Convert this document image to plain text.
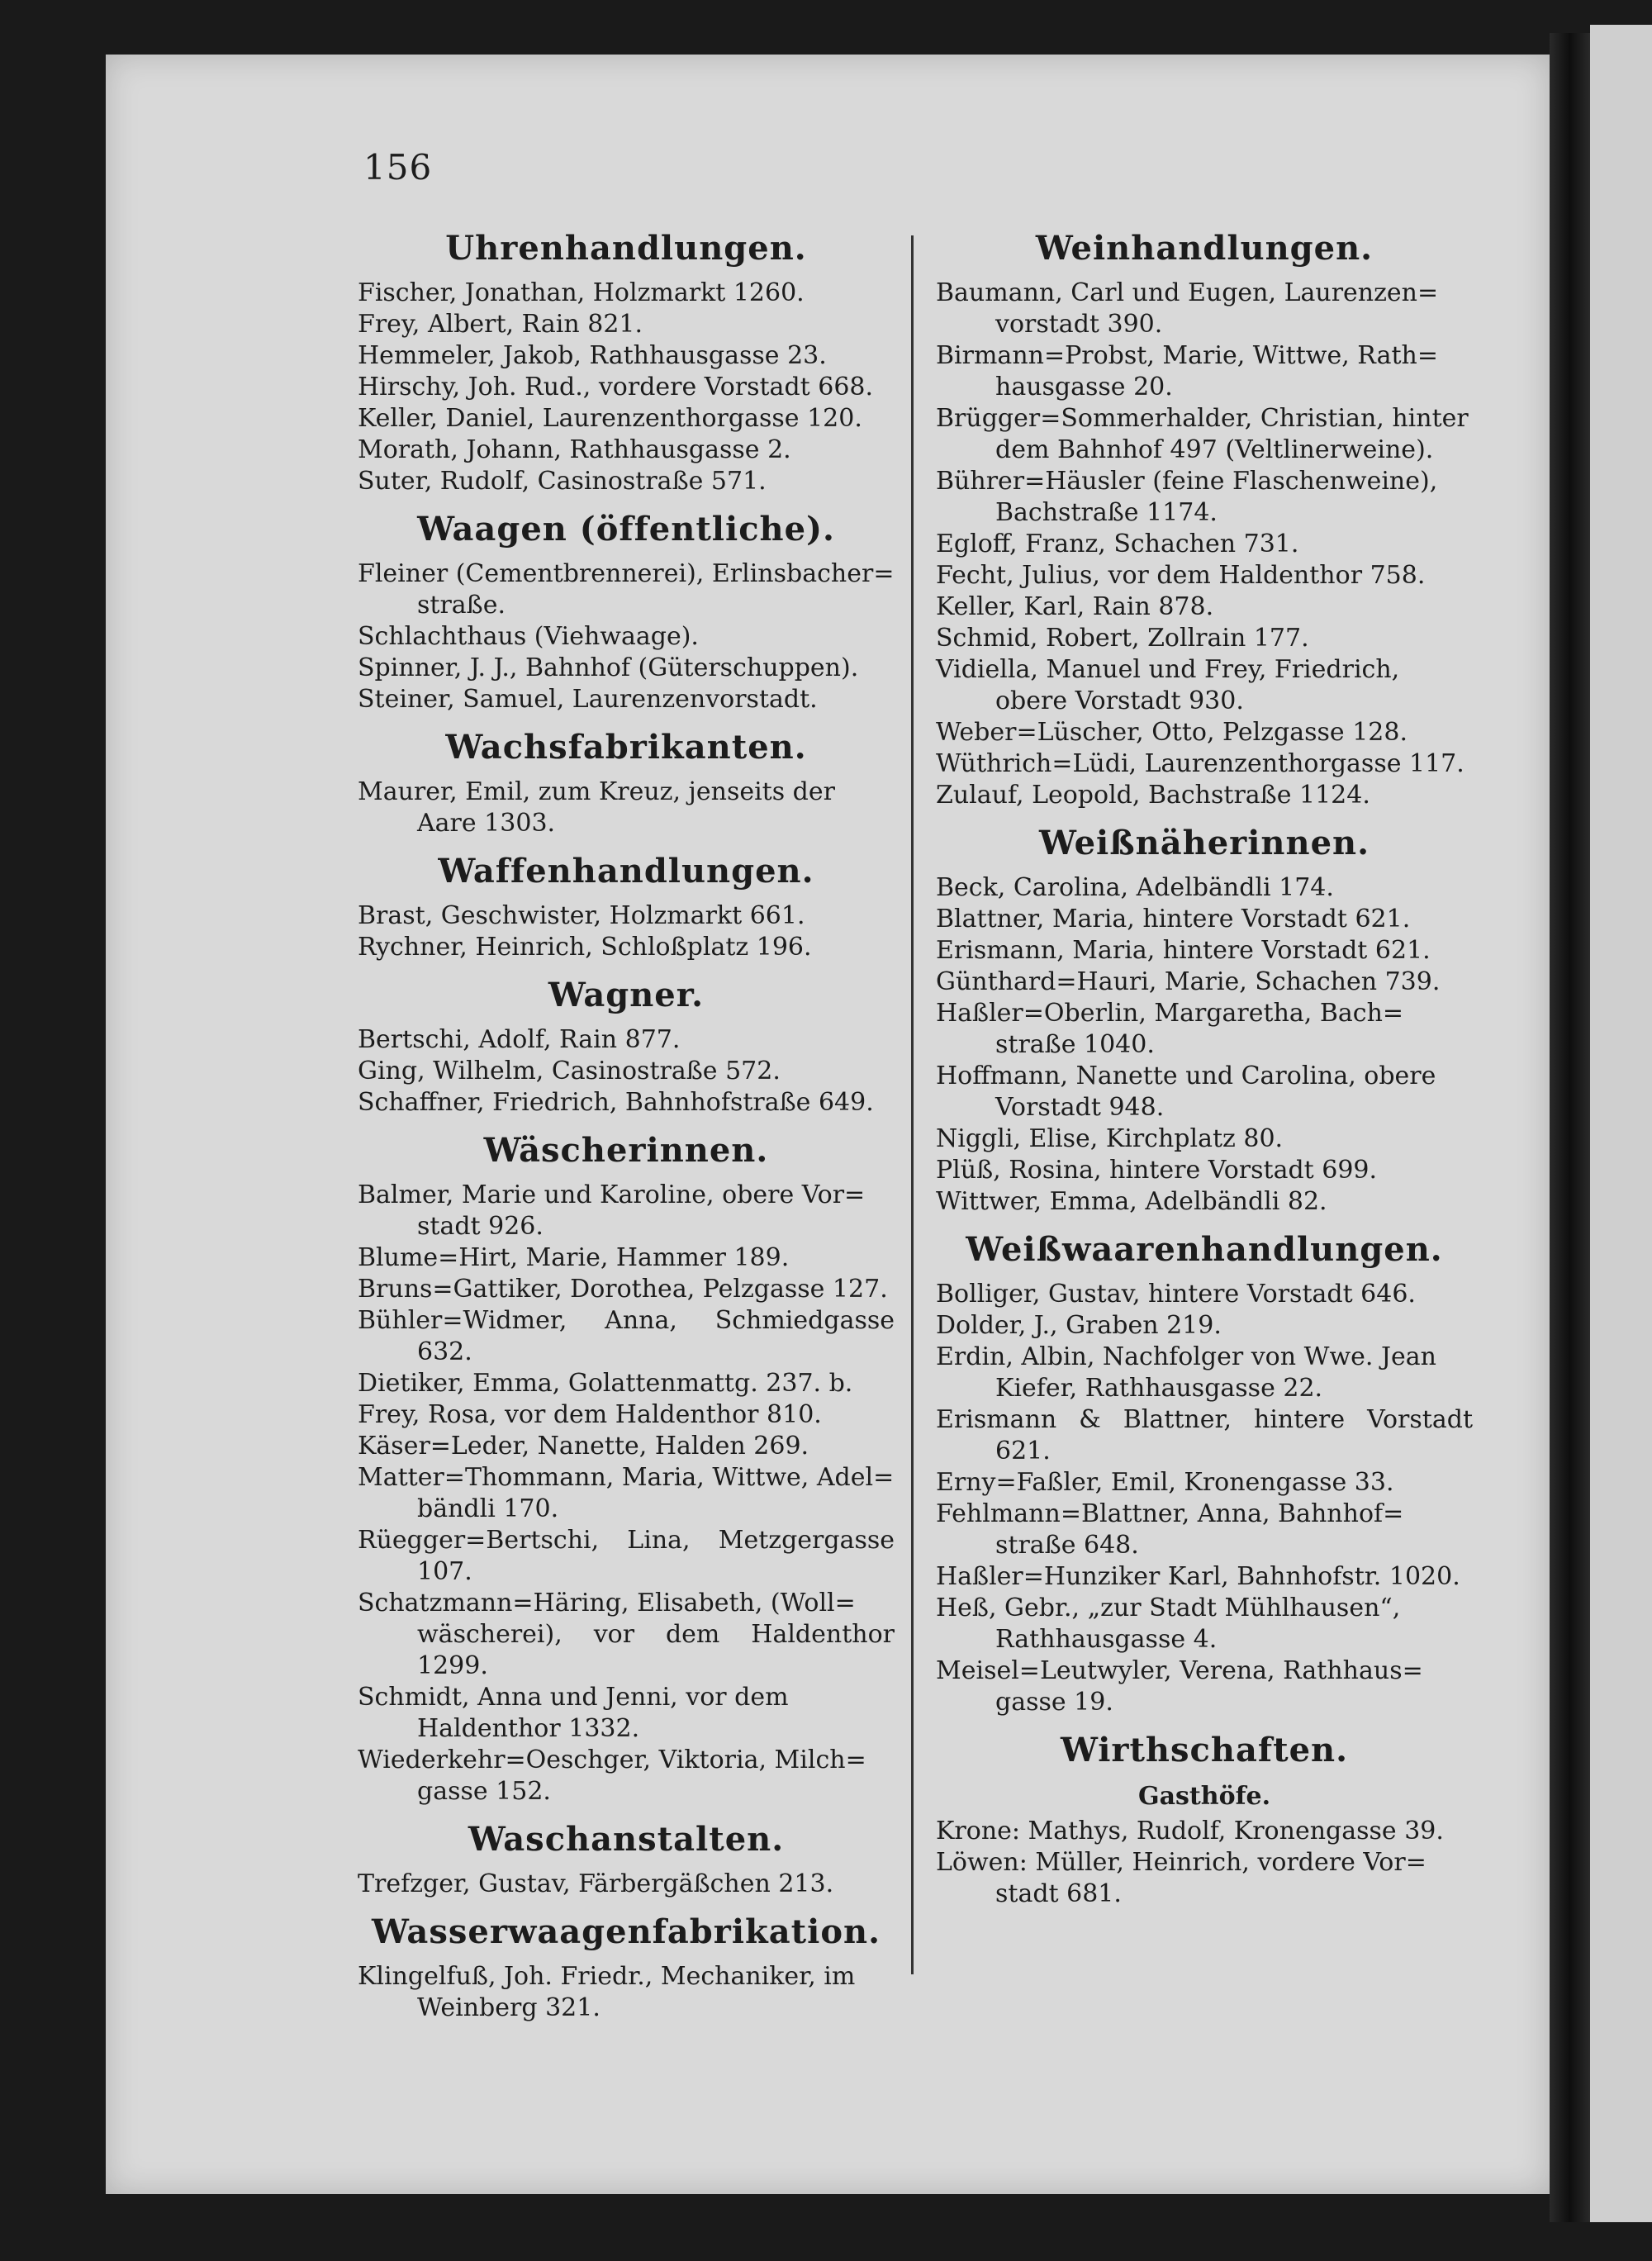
156
Uhrenhandlungen.
Fischer, Jonathan, Holzmarkt 1260.
Frey, Albert, Rain 821.
Hemmeler, Jakob, Rathhausgasse 23.
Hirschy, Joh. Rud., vordere Vorstadt 668.
Keller, Daniel, Laurenzenthorgasse 120.
Morath, Johann, Rathhausgasse 2.
Suter, Rudolf, Casinostraße 571.
Waagen (öffentliche).
Fleiner (Cementbrennerei), Erlinsbacher=
straße.
Schlachthaus (Viehwaage).
Spinner, J. J., Bahnhof (Güterschuppen).
Steiner, Samuel, Laurenzenvorstadt.
Wachsfabrikanten.
Maurer, Emil, zum Kreuz, jenseits der
Aare 1303.
Waffenhandlungen.
Brast, Geschwister, Holzmarkt 661.
Rychner, Heinrich, Schloßplatz 196.
Wagner.
Bertschi, Adolf, Rain 877.
Ging, Wilhelm, Casinostraße 572.
Schaffner, Friedrich, Bahnhofstraße 649.
Wäscherinnen.
Balmer, Marie und Karoline, obere Vor=
stadt 926.
Blume=Hirt, Marie, Hammer 189.
Bruns=Gattiker, Dorothea, Pelzgasse 127.
Bühler=Widmer, Anna, Schmiedgasse 632.
Dietiker, Emma, Golattenmattg. 237. b.
Frey, Rosa, vor dem Haldenthor 810.
Käser=Leder, Nanette, Halden 269.
Matter=Thommann, Maria, Wittwe, Adel=
bändli 170.
Rüegger=Bertschi, Lina, Metzgergasse 107.
Schatzmann=Häring, Elisabeth, (Woll=
wäscherei), vor dem Haldenthor 1299.
Schmidt, Anna und Jenni, vor dem
Haldenthor 1332.
Wiederkehr=Oeschger, Viktoria, Milch=
gasse 152.
Waschanstalten.
Trefzger, Gustav, Färbergäßchen 213.
Wasserwaagenfabrikation.
Klingelfuß, Joh. Friedr., Mechaniker, im
Weinberg 321.
Weinhandlungen.
Baumann, Carl und Eugen, Laurenzen=
vorstadt 390.
Birmann=Probst, Marie, Wittwe, Rath=
hausgasse 20.
Brügger=Sommerhalder, Christian, hinter
dem Bahnhof 497 (Veltlinerweine).
Bührer=Häusler (feine Flaschenweine),
Bachstraße 1174.
Egloff, Franz, Schachen 731.
Fecht, Julius, vor dem Haldenthor 758.
Keller, Karl, Rain 878.
Schmid, Robert, Zollrain 177.
Vidiella, Manuel und Frey, Friedrich,
obere Vorstadt 930.
Weber=Lüscher, Otto, Pelzgasse 128.
Wüthrich=Lüdi, Laurenzenthorgasse 117.
Zulauf, Leopold, Bachstraße 1124.
Weißnäherinnen.
Beck, Carolina, Adelbändli 174.
Blattner, Maria, hintere Vorstadt 621.
Erismann, Maria, hintere Vorstadt 621.
Günthard=Hauri, Marie, Schachen 739.
Haßler=Oberlin, Margaretha, Bach=
straße 1040.
Hoffmann, Nanette und Carolina, obere
Vorstadt 948.
Niggli, Elise, Kirchplatz 80.
Plüß, Rosina, hintere Vorstadt 699.
Wittwer, Emma, Adelbändli 82.
Weißwaarenhandlungen.
Bolliger, Gustav, hintere Vorstadt 646.
Dolder, J., Graben 219.
Erdin, Albin, Nachfolger von Wwe. Jean
Kiefer, Rathhausgasse 22.
Erismann & Blattner, hintere Vorstadt 621.
Erny=Faßler, Emil, Kronengasse 33.
Fehlmann=Blattner, Anna, Bahnhof=
straße 648.
Haßler=Hunziker Karl, Bahnhofstr. 1020.
Heß, Gebr., „zur Stadt Mühlhausen“,
Rathhausgasse 4.
Meisel=Leutwyler, Verena, Rathhaus=
gasse 19.
Wirthschaften.
Gasthöfe.
Krone: Mathys, Rudolf, Kronengasse 39.
Löwen: Müller, Heinrich, vordere Vor=
stadt 681.
